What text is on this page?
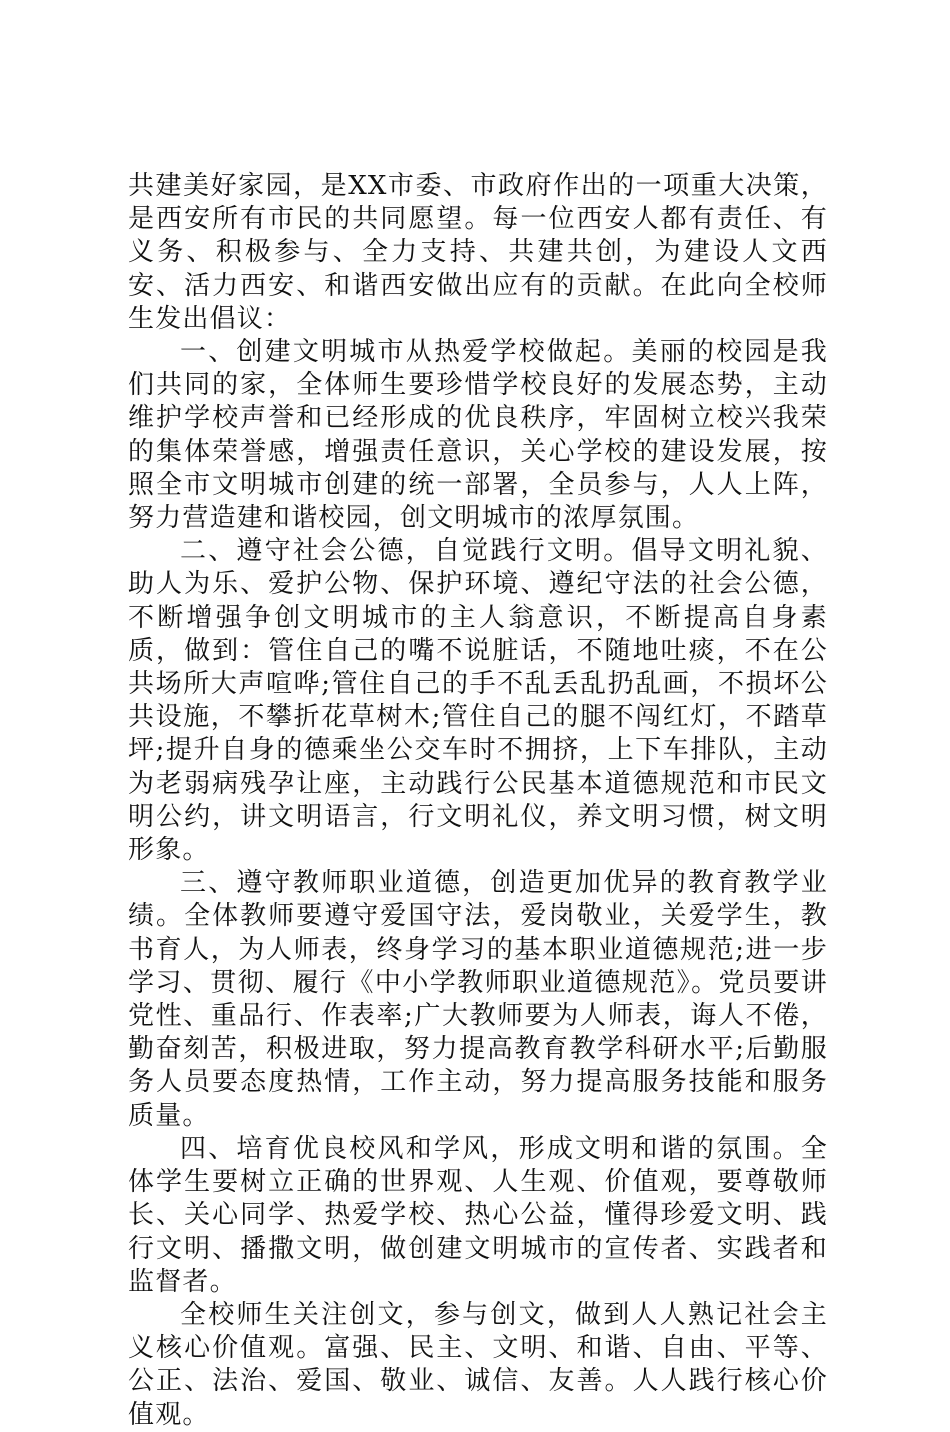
共建美好家园，是XX市委、市政府作出的一项重大决策，是西安所有市民的共同愿望。每一位西安人都有责任、有义务、积极参与、全力支持、共建共创，为建设人文西安、活力西安、和谐西安做出应有的贡献。在此向全校师生发出倡议：

一、创建文明城市从热爱学校做起。美丽的校园是我们共同的家，全体师生要珍惜学校良好的发展态势，主动维护学校声誉和已经形成的优良秩序，牢固树立校兴我荣的集体荣誉感，增强责任意识，关心学校的建设发展，按照全市文明城市创建的统一部署，全员参与，人人上阵，努力营造建和谐校园，创文明城市的浓厚氛围。

二、遵守社会公德，自觉践行文明。倡导文明礼貌、助人为乐、爱护公物、保护环境、遵纪守法的社会公德，不断增强争创文明城市的主人翁意识，不断提高自身素质，做到：管住自己的嘴不说脏话，不随地吐痰，不在公共场所大声喧哗;管住自己的手不乱丢乱扔乱画，不损坏公共设施，不攀折花草树木;管住自己的腿不闯红灯，不踏草坪;提升自身的德乘坐公交车时不拥挤，上下车排队，主动为老弱病残孕让座，主动践行公民基本道德规范和市民文明公约，讲文明语言，行文明礼仪，养文明习惯，树文明形象。

三、遵守教师职业道德，创造更加优异的教育教学业绩。全体教师要遵守爱国守法，爱岗敬业，关爱学生，教书育人，为人师表，终身学习的基本职业道德规范;进一步学习、贯彻、履行《中小学教师职业道德规范》。党员要讲党性、重品行、作表率;广大教师要为人师表，诲人不倦，勤奋刻苦，积极进取，努力提高教育教学科研水平;后勤服务人员要态度热情，工作主动，努力提高服务技能和服务质量。

四、培育优良校风和学风，形成文明和谐的氛围。全体学生要树立正确的世界观、人生观、价值观，要尊敬师长、关心同学、热爱学校、热心公益，懂得珍爱文明、践行文明、播撒文明，做创建文明城市的宣传者、实践者和监督者。

全校师生关注创文，参与创文，做到人人熟记社会主义核心价值观。富强、民主、文明、和谐、自由、平等、公正、法治、爱国、敬业、诚信、友善。人人践行核心价值观。
